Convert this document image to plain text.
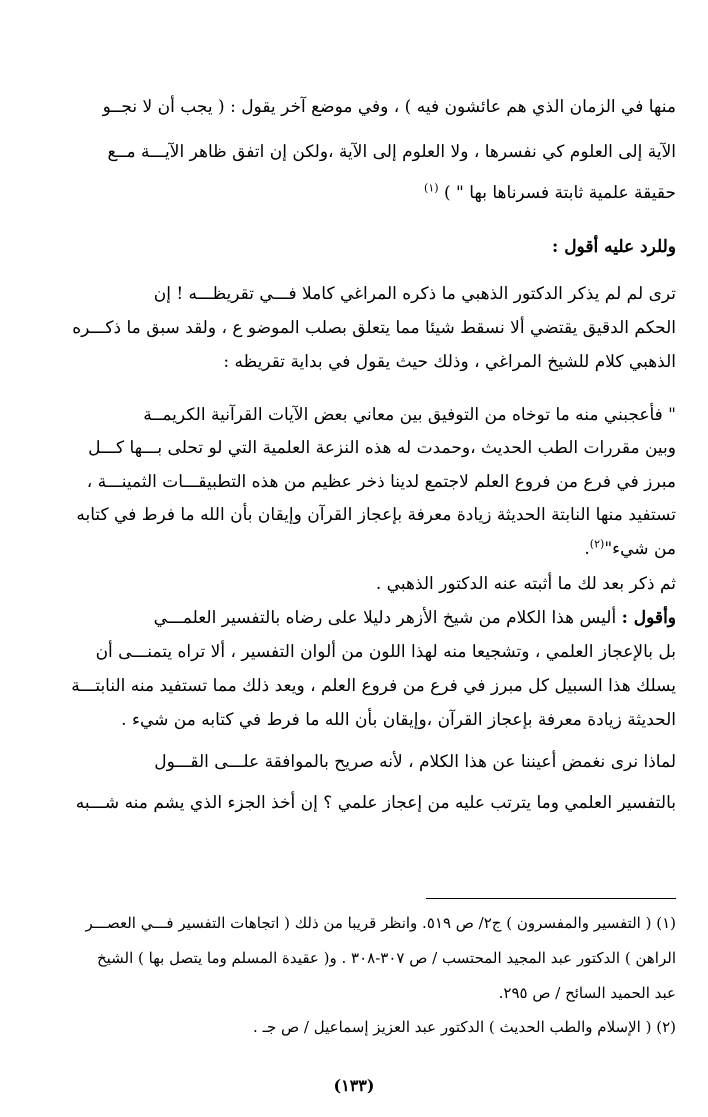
منها في الزمان الذي هم عائشون فيه ) ، وفي موضع آخر يقول : ( يجب أن لا نجــو
الآية إلى العلوم كي نفسرها ، ولا العلوم إلى الآية ،ولكن إن اتفق ظاهر الآيـــة مــع
حقيقة علمية ثابتة فسرناها بها " ) $^{(١)}$
وللرد عليه أقول :
ترى لم لم يذكر الدكتور الذهبي ما ذكره المراغي كاملا فـــي تقريظـــه ! إن
الحكم الدقيق يقتضي ألا نسقط شيئا مما يتعلق بصلب الموضو ع ، ولقد سبق ما ذكـــره
الذهبي كلام للشيخ المراغي ، وذلك حيث يقول في بداية تقريظه :
" فأعجبني منه ما توخاه من التوفيق بين معاني بعض الآيات القرآنية الكريمــة
وبين مقررات الطب الحديث ،وحمدت له هذه النزعة العلمية التي لو تحلى بـــها كـــل
مبرز في فرع من فروع العلم لاجتمع لدينا ذخر عظيم من هذه التطبيقـــات الثمينـــة ،
تستفيد منها النابتة الحديثة زيادة معرفة بإعجاز القرآن وإيقان بأن الله ما فرط في كتابه
من شيء"$^{(٢)}$.
ثم ذكر بعد لك ما أثبته عنه الدكتور الذهبي .
وأقول : أليس هذا الكلام من شيخ الأزهر دليلا على رضاه بالتفسير العلمـــي
بل بالإعجاز العلمي ، وتشجيعا منه لهذا اللون من ألوان التفسير ، ألا تراه يتمنـــى أن
يسلك هذا السبيل كل مبرز في فرع من فروع العلم ، ويعد ذلك مما تستفيد منه النابتـــة
الحديثة زيادة معرفة بإعجاز القرآن ،وإيقان بأن الله ما فرط في كتابه من شيء .
لماذا نرى نغمض أعيننا عن هذا الكلام ، لأنه صريح بالموافقة علـــى القـــول
بالتفسير العلمي وما يترتب عليه من إعجاز علمي ؟ إن أخذ الجزء الذي يشم منه شـــبه
(١) ( التفسير والمفسرون ) ج٢/ ص ٥١٩. وانظر قريبا من ذلك ( اتجاهات التفسير فـــي العصـــر
الراهن ) الدكتور عبد المجيد المحتسب / ص ٣٠٧-٣٠٨ . و( عقيدة المسلم وما يتصل بها ) الشيخ
عبد الحميد السائح / ص ٢٩٥.
(٢) ( الإسلام والطب الحديث ) الدكتور عبد العزيز إسماعيل / ص جـ .
(١٣٣)
